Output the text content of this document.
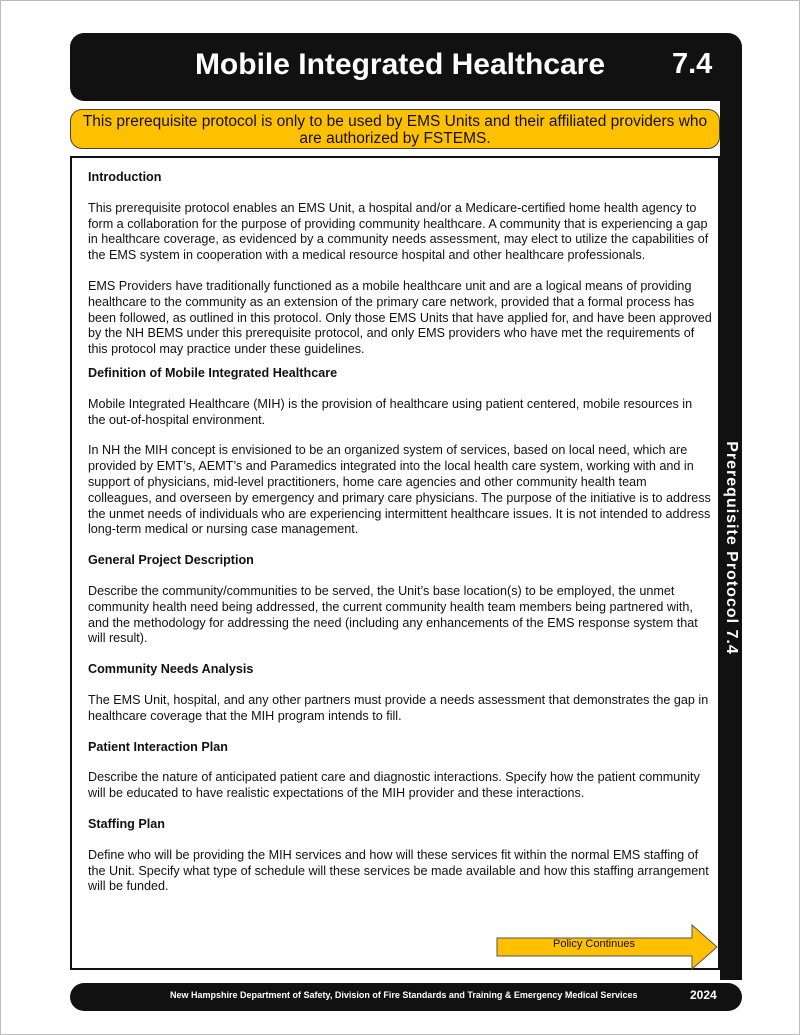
Mobile Integrated Healthcare	7.4
This prerequisite protocol is only to be used by EMS Units and their affiliated providers who are authorized by FSTEMS.
Introduction

This prerequisite protocol enables an EMS Unit, a hospital and/or a Medicare-certified home health agency to form a collaboration for the purpose of providing community healthcare. A community that is experiencing a gap in healthcare coverage, as evidenced by a community needs assessment, may elect to utilize the capabilities of the EMS system in cooperation with a medical resource hospital and other healthcare professionals.

EMS Providers have traditionally functioned as a mobile healthcare unit and are a logical means of providing healthcare to the community as an extension of the primary care network, provided that a formal process has been followed, as outlined in this protocol. Only those EMS Units that have applied for, and have been approved by the NH BEMS under this prerequisite protocol, and only EMS providers who have met the requirements of this protocol may practice under these guidelines.

Definition of Mobile Integrated Healthcare

Mobile Integrated Healthcare (MIH) is the provision of healthcare using patient centered, mobile resources in the out-of-hospital environment.

In NH the MIH concept is envisioned to be an organized system of services, based on local need, which are provided by EMT’s, AEMT’s and Paramedics integrated into the local health care system, working with and in support of physicians, mid-level practitioners, home care agencies and other community health team colleagues, and overseen by emergency and primary care physicians. The purpose of the initiative is to address the unmet needs of individuals who are experiencing intermittent healthcare issues. It is not intended to address long-term medical or nursing case management.

General Project Description

Describe the community/communities to be served, the Unit’s base location(s) to be employed, the unmet community health need being addressed, the current community health team members being partnered with, and the methodology for addressing the need (including any enhancements of the EMS response system that will result).

Community Needs Analysis

The EMS Unit, hospital, and any other partners must provide a needs assessment that demonstrates the gap in healthcare coverage that the MIH program intends to fill.

Patient Interaction Plan

Describe the nature of anticipated patient care and diagnostic interactions. Specify how the patient community will be educated to have realistic expectations of the MIH provider and these interactions.

Staffing Plan

Define who will be providing the MIH services and how will these services fit within the normal EMS staffing of the Unit. Specify what type of schedule will these services be made available and how this staffing arrangement will be funded.

Prerequisite Protocol 7.4
Policy Continues
New Hampshire Department of Safety, Division of Fire Standards and Training & Emergency Medical Services	2024
